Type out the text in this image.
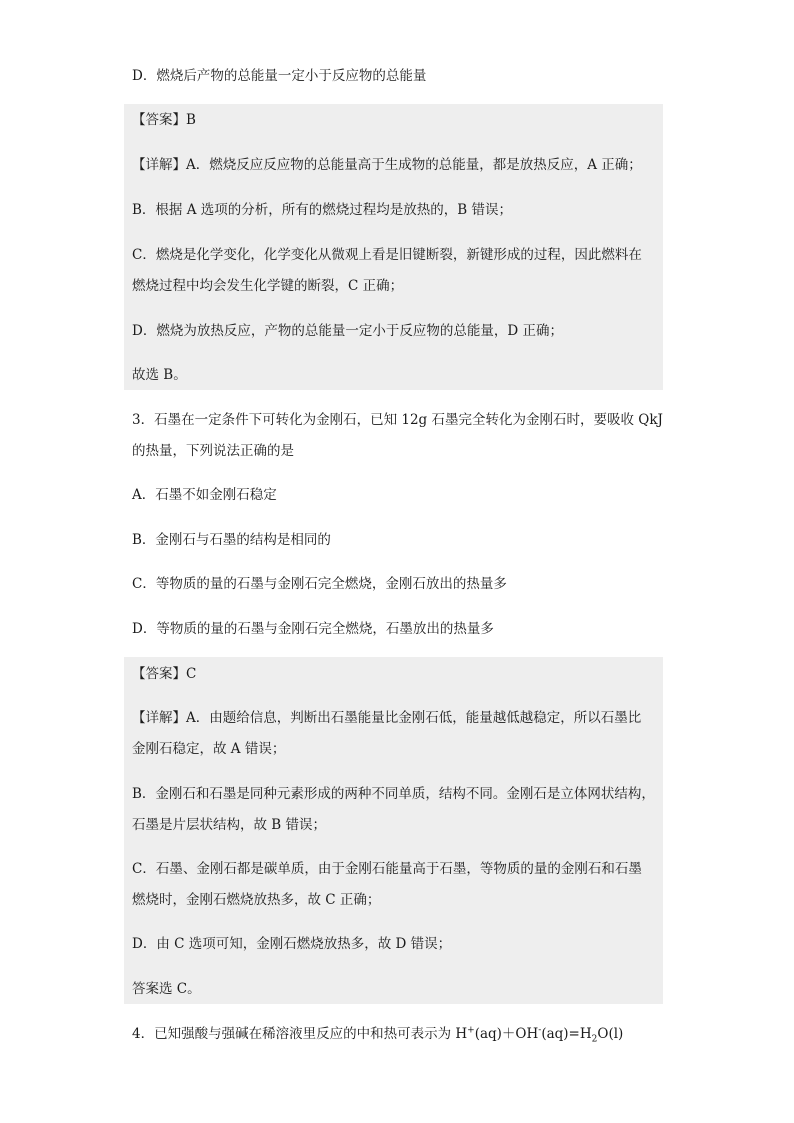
D．燃烧后产物的总能量一定小于反应物的总能量
【答案】B
【详解】A．燃烧反应反应物的总能量高于生成物的总能量，都是放热反应，A 正确；
B．根据 A 选项的分析，所有的燃烧过程均是放热的，B 错误；
C．燃烧是化学变化，化学变化从微观上看是旧键断裂，新键形成的过程，因此燃料在
燃烧过程中均会发生化学键的断裂，C 正确；
D．燃烧为放热反应，产物的总能量一定小于反应物的总能量，D 正确；
故选 B。
3．石墨在一定条件下可转化为金刚石，已知 12g 石墨完全转化为金刚石时，要吸收 QkJ
的热量，下列说法正确的是
A．石墨不如金刚石稳定
B．金刚石与石墨的结构是相同的
C．等物质的量的石墨与金刚石完全燃烧，金刚石放出的热量多
D．等物质的量的石墨与金刚石完全燃烧，石墨放出的热量多
【答案】C
【详解】A．由题给信息，判断出石墨能量比金刚石低，能量越低越稳定，所以石墨比
金刚石稳定，故 A 错误；
B．金刚石和石墨是同种元素形成的两种不同单质，结构不同。金刚石是立体网状结构，
石墨是片层状结构，故 B 错误；
C．石墨、金刚石都是碳单质，由于金刚石能量高于石墨，等物质的量的金刚石和石墨
燃烧时，金刚石燃烧放热多，故 C 正确；
D．由 C 选项可知，金刚石燃烧放热多，故 D 错误；
答案选 C。
4．已知强酸与强碱在稀溶液里反应的中和热可表示为 $H^+(aq)+OH^-(aq)=H_2O(l)$
